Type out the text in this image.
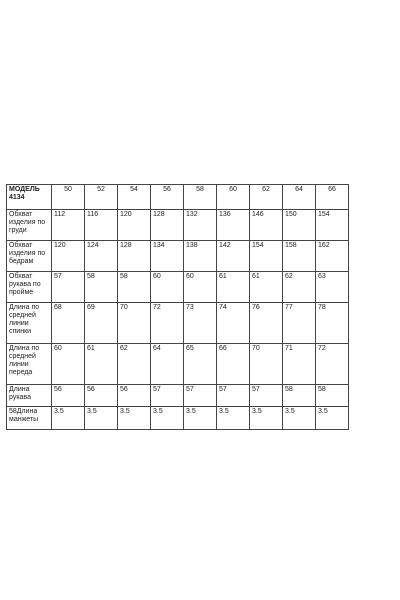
МОДЕЛЬ 4134	50	52	54	56	58	60	62	64	66
Обхват изделия по груди	112	116	120	128	132	136	146	150	154
Обхват изделия по бедрам	120	124	128	134	138	142	154	158	162
Обхват рукава по пройме	57	58	58	60	60	61	61	62	63
Длина по средней линии спинки	68	69	70	72	73	74	76	77	78
Длина по средней линии переда	60	61	62	64	65	66	70	71	72
Длина рукава	56	56	56	57	57	57	57	58	58
58Длина манжеты	3.5	3.5	3.5	3.5	3.5	3.5	3.5	3.5	3.5
